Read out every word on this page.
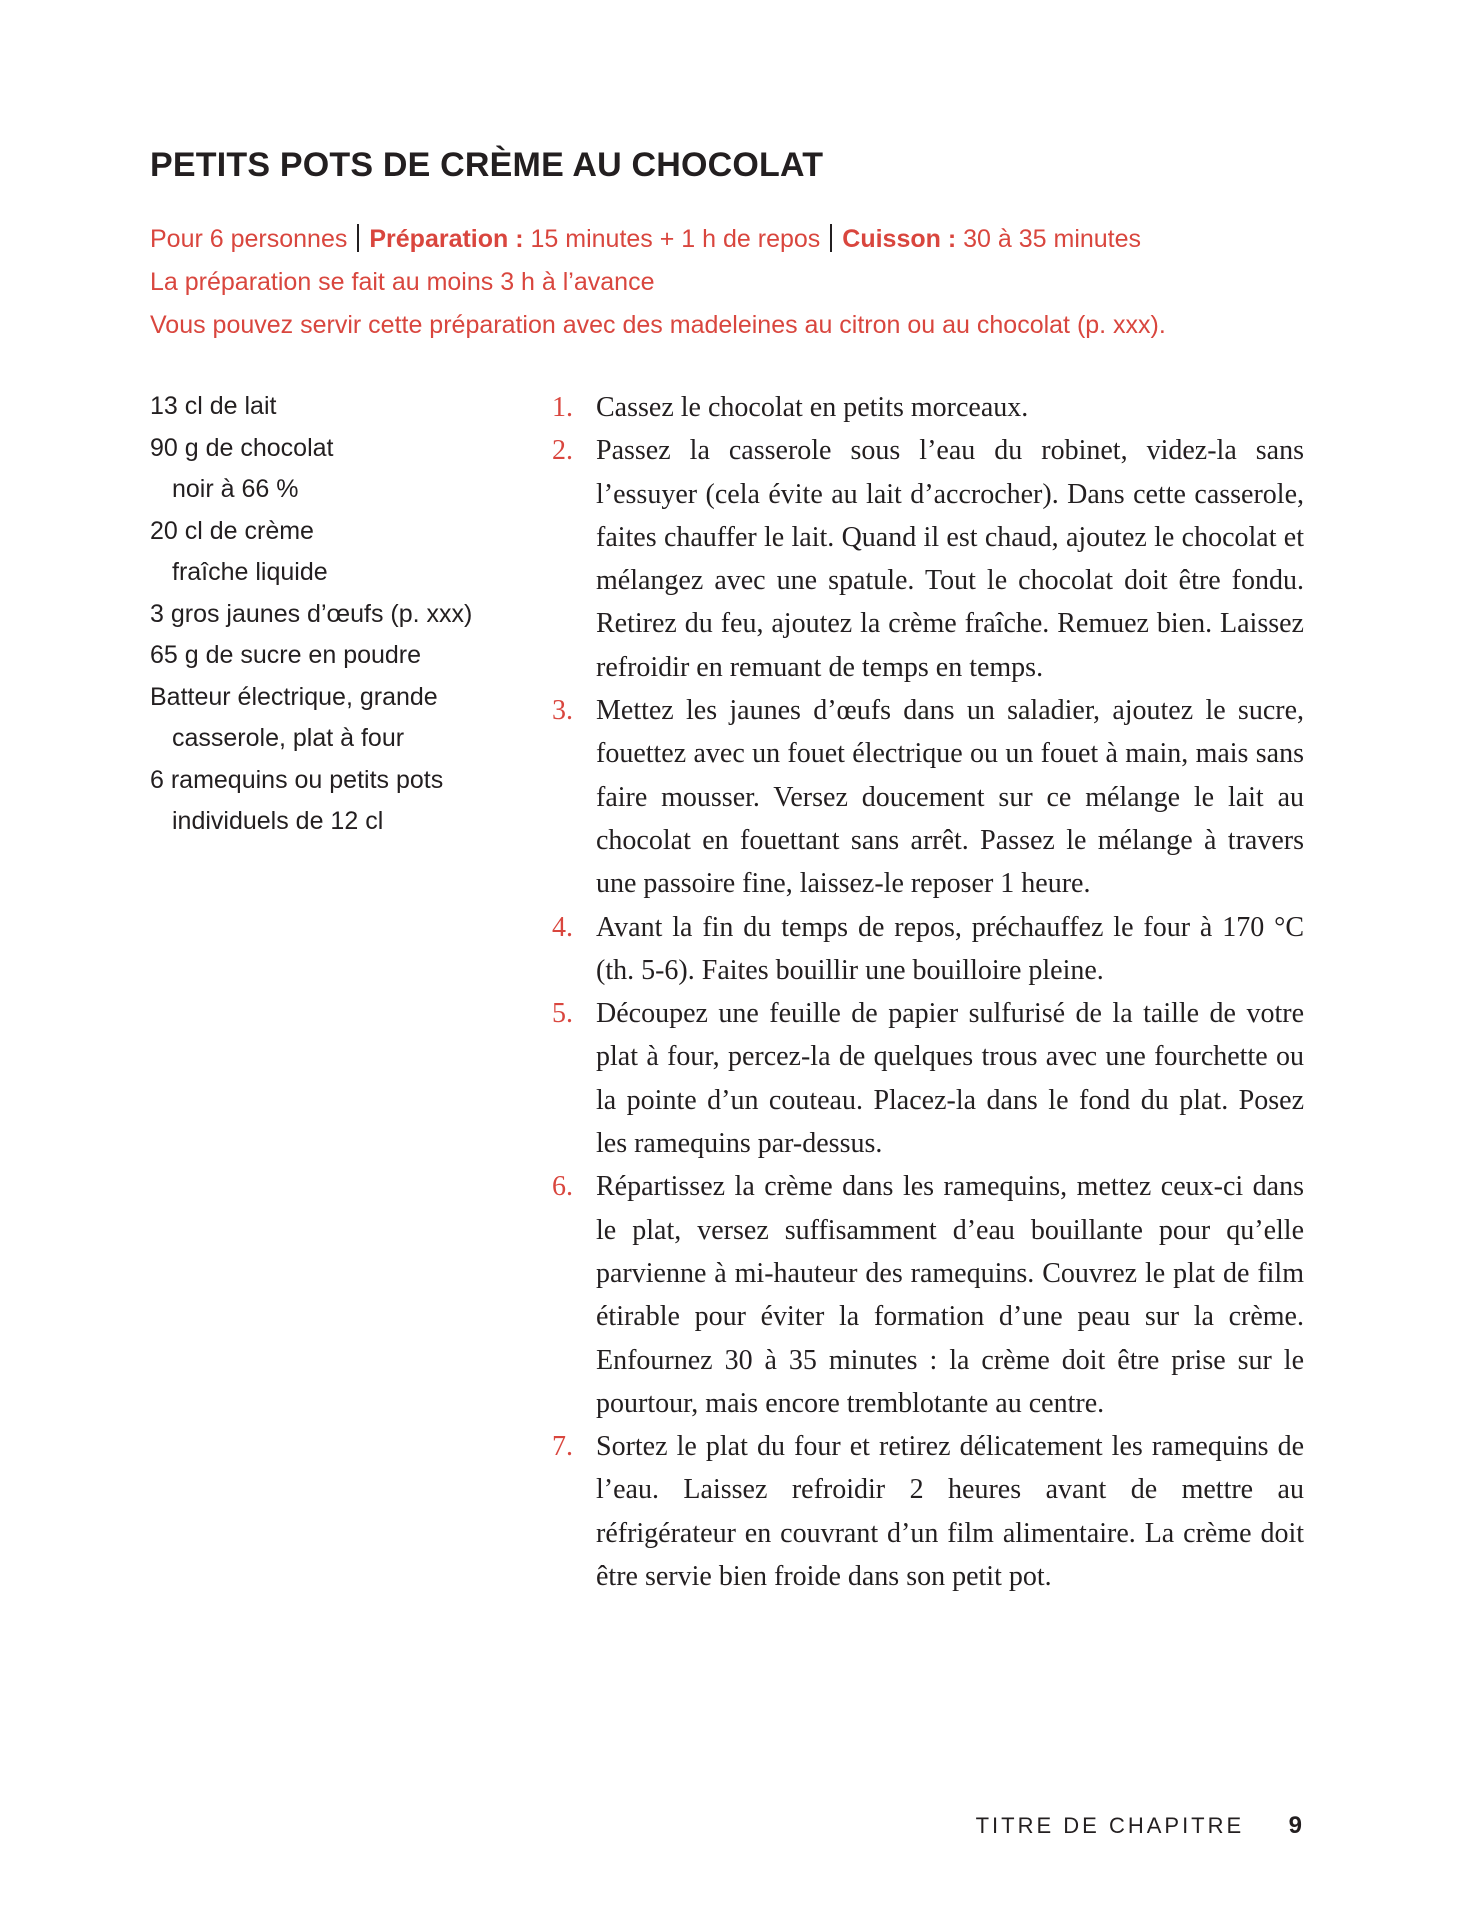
PETITS POTS DE CRÈME AU CHOCOLAT
Pour 6 personnes Préparation : 15 minutes + 1 h de repos Cuisson : 30 à 35 minutes
La préparation se fait au moins 3 h à l’avance
Vous pouvez servir cette préparation avec des madeleines au citron ou au chocolat (p. xxx).
13 cl de lait
90 g de chocolat
noir à 66 %
20 cl de crème
fraîche liquide
3 gros jaunes d’œufs (p. xxx)
65 g de sucre en poudre
Batteur électrique, grande
casserole, plat à four
6 ramequins ou petits pots
individuels de 12 cl
1. Cassez le chocolat en petits morceaux.
2. Passez la casserole sous l’eau du robinet, videz-la sans l’essuyer (cela évite au lait d’accrocher). Dans cette casserole, faites chauffer le lait. Quand il est chaud, ajoutez le chocolat et mélangez avec une spatule. Tout le chocolat doit être fondu. Retirez du feu, ajoutez la crème fraîche. Remuez bien. Laissez refroidir en remuant de temps en temps.
3. Mettez les jaunes d’œufs dans un saladier, ajoutez le sucre, fouettez avec un fouet électrique ou un fouet à main, mais sans faire mousser. Versez doucement sur ce mélange le lait au chocolat en fouettant sans arrêt. Passez le mélange à travers une passoire fine, laissez-le reposer 1 heure.
4. Avant la fin du temps de repos, préchauffez le four à 170 °C (th. 5-6). Faites bouillir une bouilloire pleine.
5. Découpez une feuille de papier sulfurisé de la taille de votre plat à four, percez-la de quelques trous avec une fourchette ou la pointe d’un couteau. Placez-la dans le fond du plat. Posez les ramequins par-dessus.
6. Répartissez la crème dans les ramequins, mettez ceux-ci dans le plat, versez suffisamment d’eau bouillante pour qu’elle parvienne à mi-hauteur des ramequins. Couvrez le plat de film étirable pour éviter la formation d’une peau sur la crème. Enfournez 30 à 35 minutes : la crème doit être prise sur le pourtour, mais encore tremblotante au centre.
7. Sortez le plat du four et retirez délicatement les ramequins de l’eau. Laissez refroidir 2 heures avant de mettre au réfrigérateur en couvrant d’un film alimentaire. La crème doit être servie bien froide dans son petit pot.
TITRE DE CHAPITRE 9
